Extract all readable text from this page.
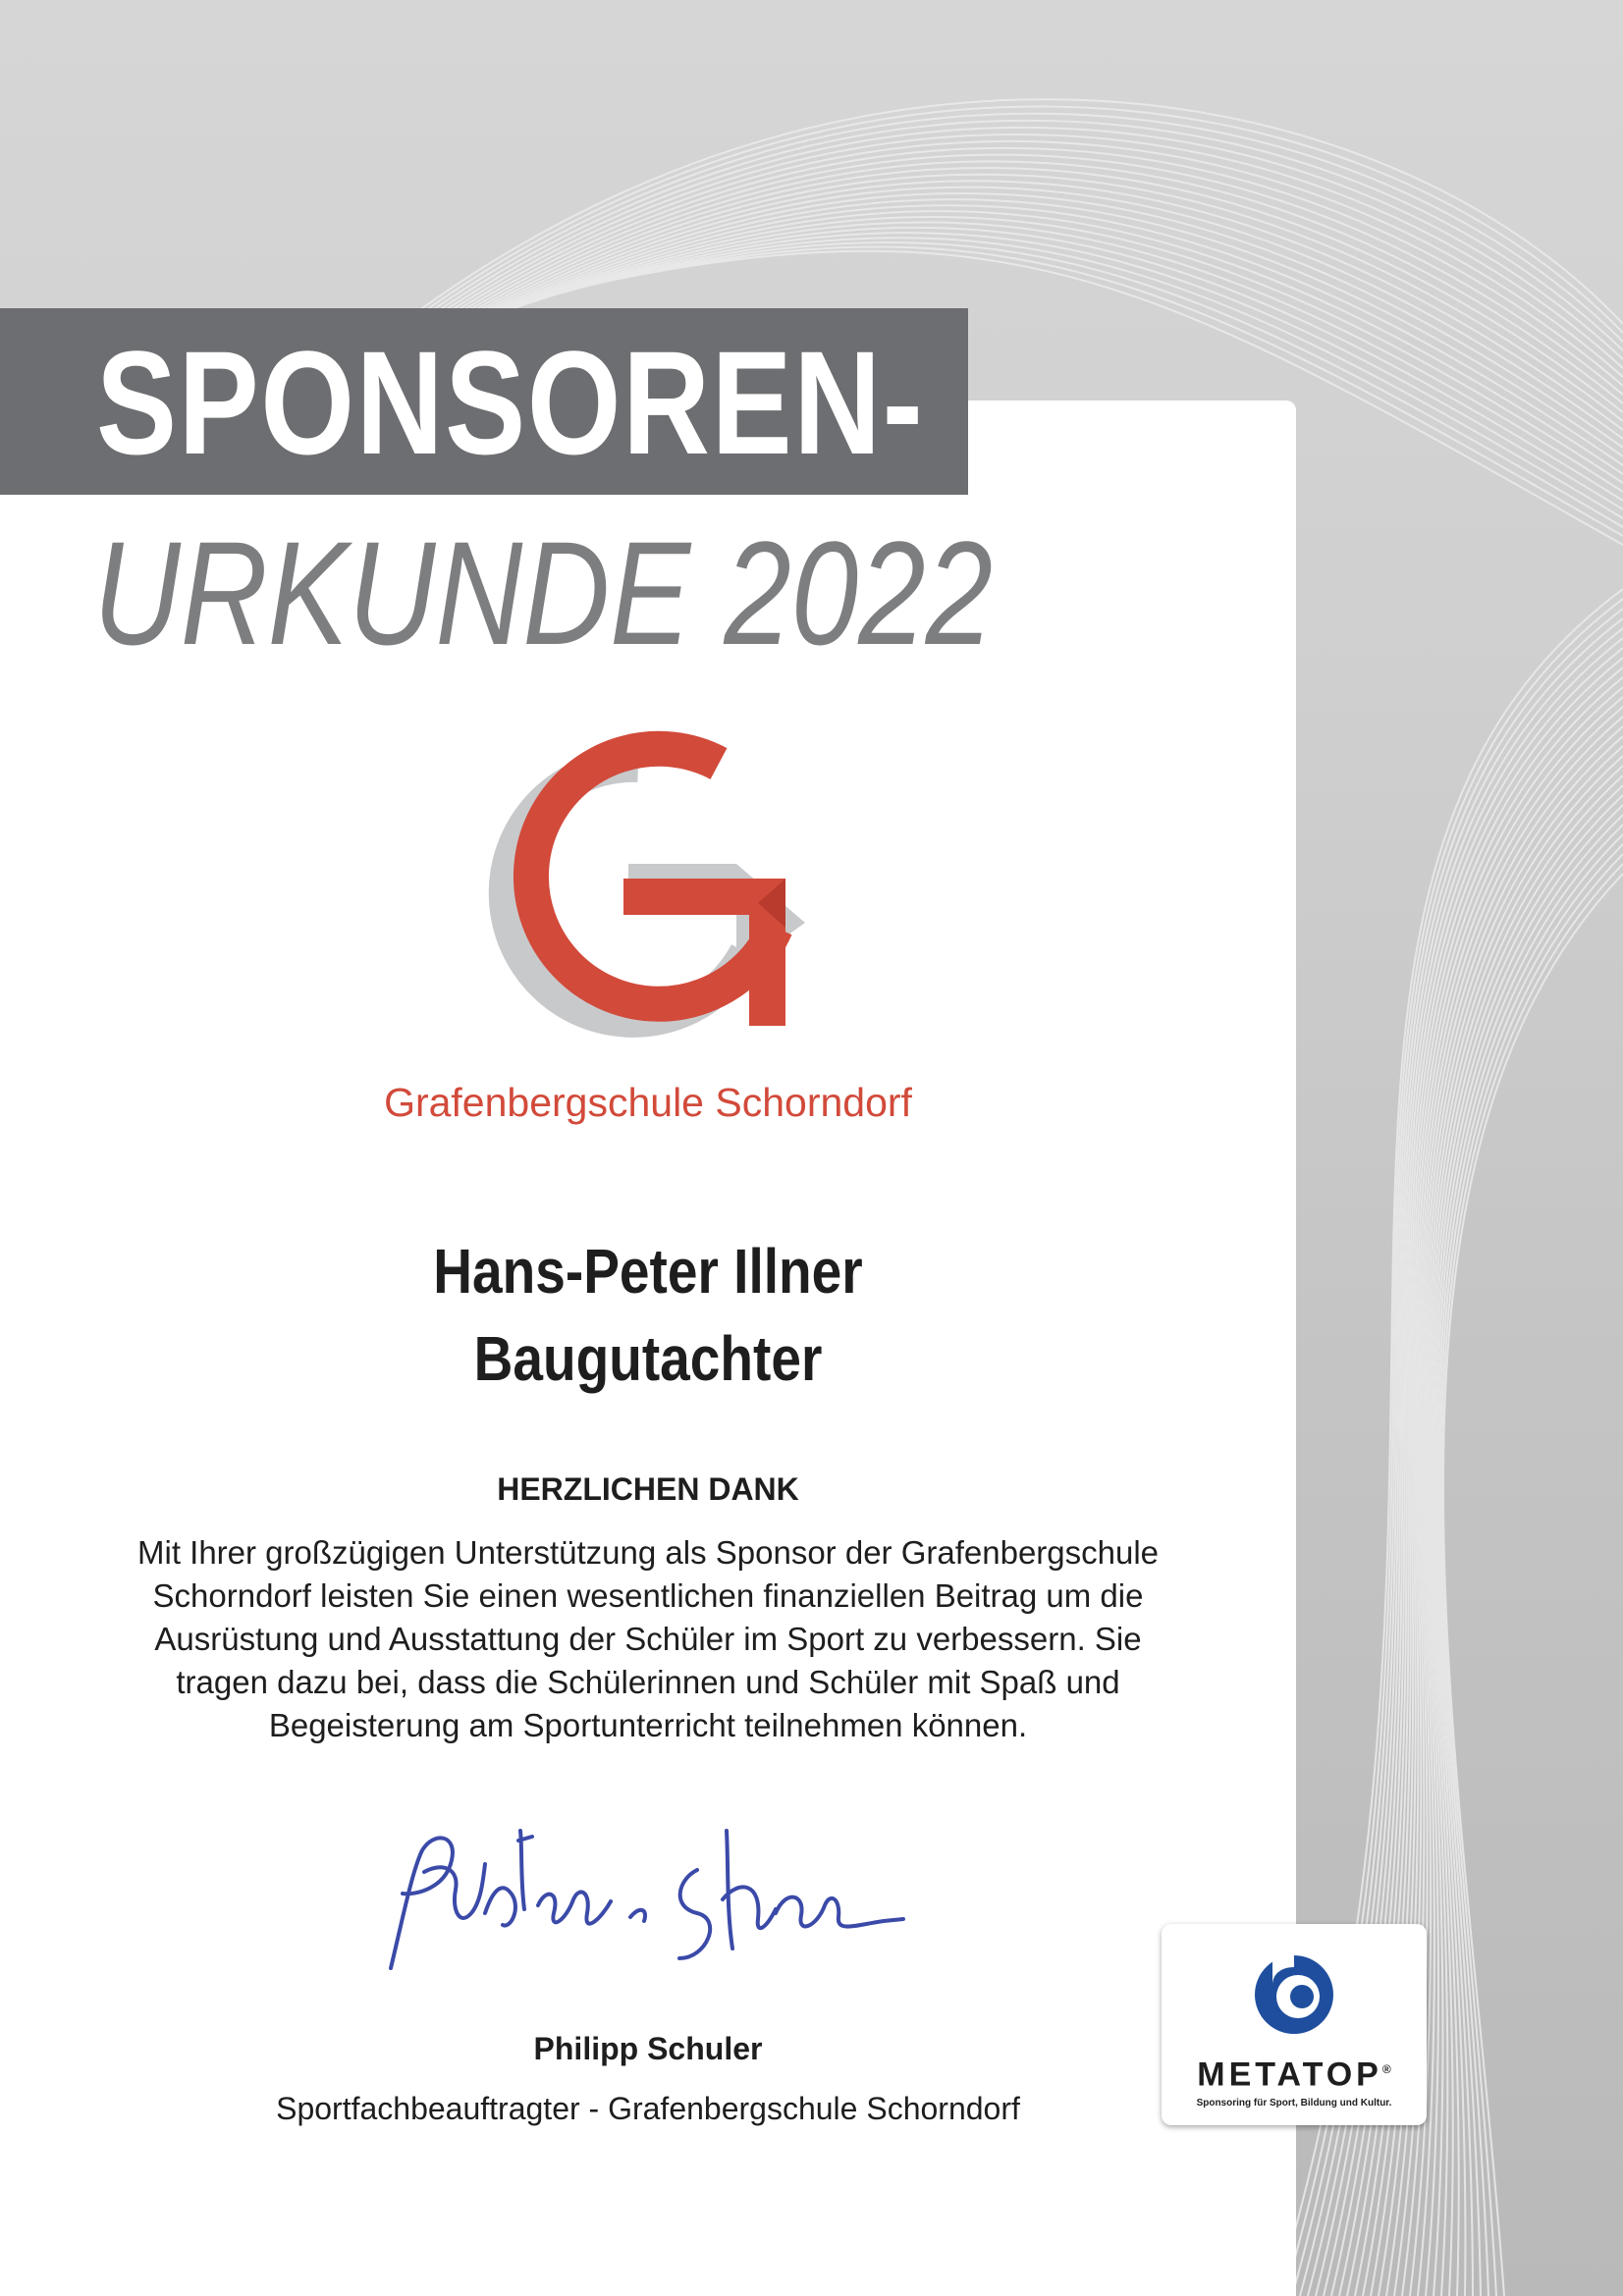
SPONSOREN-
URKUNDE 2022
Grafenbergschule Schorndorf
Hans-Peter Illner
Baugutachter
HERZLICHEN DANK
Mit Ihrer großzügigen Unterstützung als Sponsor der Grafenbergschule
Schorndorf leisten Sie einen wesentlichen finanziellen Beitrag um die
Ausrüstung und Ausstattung der Schüler im Sport zu verbessern. Sie
tragen dazu bei, dass die Schülerinnen und Schüler mit Spaß und
Begeisterung am Sportunterricht teilnehmen können.
Philipp Schuler
Sportfachbeauftragter - Grafenbergschule Schorndorf
METATOP®
Sponsoring für Sport, Bildung und Kultur.
